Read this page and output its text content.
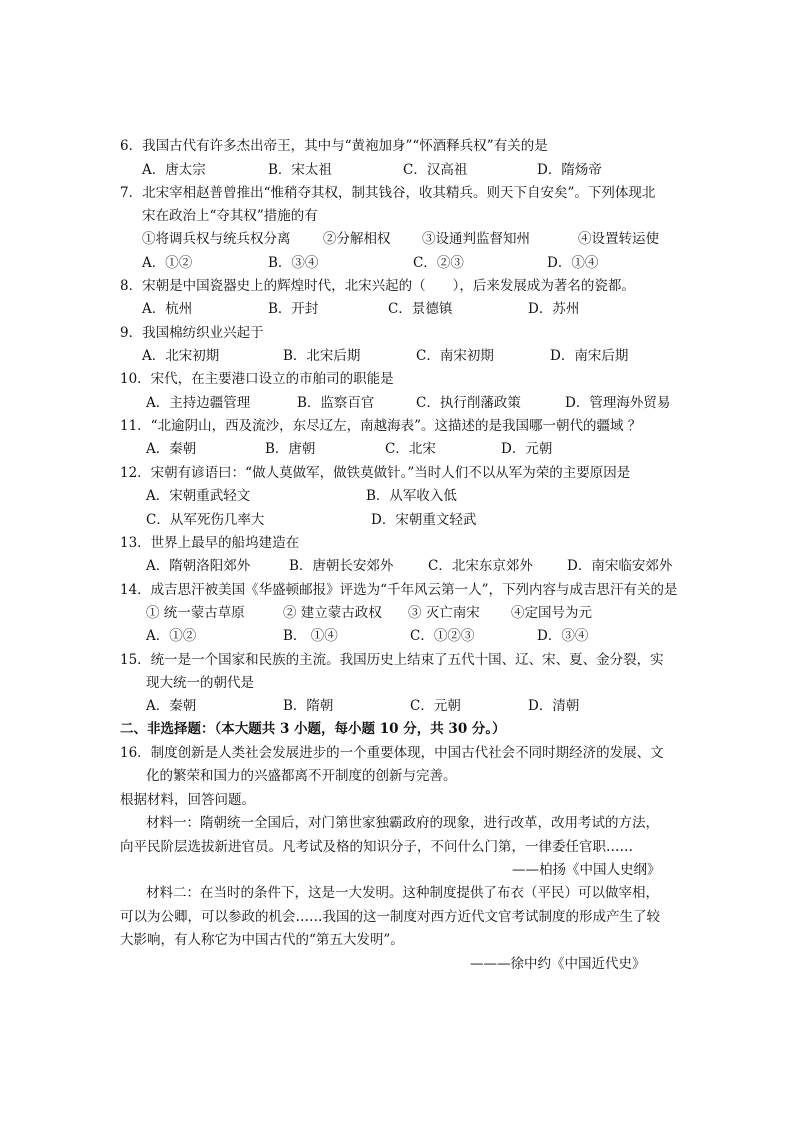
6．我国古代有许多杰出帝王，其中与“黄袍加身”“怀酒释兵权”有关的是
A．唐太宗	B．宋太祖	C．汉高祖	D．隋炀帝
7．北宋宰相赵普曾推出“惟稍夺其权，制其钱谷，收其精兵。则天下自安矣”。下列体现北
宋在政治上“夺其权”措施的有
①将调兵权与统兵权分离 ②分解相权 ③设通判监督知州	④设置转运使
A．①②	B．③④	C．②③	D．①④
8．宋朝是中国瓷器史上的辉煌时代，北宋兴起的（　　），后来发展成为著名的瓷都。
A．杭州	B．开封	C．景德镇	D．苏州
9．我国棉纺织业兴起于
A．北宋初期	B．北宋后期	C．南宋初期	D．南宋后期
10．宋代，在主要港口设立的市舶司的职能是
A．主持边疆管理	B．监察百官	C．执行削藩政策	D．管理海外贸易
11．“北逾阴山，西及流沙，东尽辽左，南越海表”。这描述的是我国哪一朝代的疆域 ？
A．秦朝	B．唐朝	C．北宋	D．元朝
12．宋朝有谚语曰：“做人莫做军，做铁莫做针。”当时人们不以从军为荣的主要原因是
A．宋朝重武轻文	B．从军收入低
C．从军死伤几率大	D．宋朝重文轻武
13．世界上最早的船坞建造在
A．隋朝洛阳郊外	B．唐朝长安郊外	C．北宋东京郊外	D．南宋临安郊外
14．成吉思汗被美国《华盛顿邮报》评选为“千年风云第一人”，下列内容与成吉思汗有关的是
① 统一蒙古草原	② 建立蒙古政权 ③ 灭亡南宋 ④定国号为元
A．①②	B． ①④	C．①②③	D．③④
15．统一是一个国家和民族的主流。我国历史上结束了五代十国、辽、宋、夏、金分裂，实
现大统一的朝代是
A．秦朝	B．隋朝	C．元朝	D．清朝
二、非选择题：（本大题共 3 小题，每小题 10 分，共 30 分。）
16．制度创新是人类社会发展进步的一个重要体现，中国古代社会不同时期经济的发展、文
化的繁荣和国力的兴盛都离不开制度的创新与完善。
根据材料，回答问题。
材料一：隋朝统一全国后，对门第世家独霸政府的现象，进行改革，改用考试的方法，
向平民阶层选拔新进官员。凡考试及格的知识分子，不问什么门第，一律委任官职……
——柏扬《中国人史纲》
材料二：在当时的条件下，这是一大发明。这种制度提供了布衣（平民）可以做宰相，
可以为公卿，可以参政的机会……我国的这一制度对西方近代文官考试制度的形成产生了较
大影响，有人称它为中国古代的“第五大发明”。
———徐中约《中国近代史》
